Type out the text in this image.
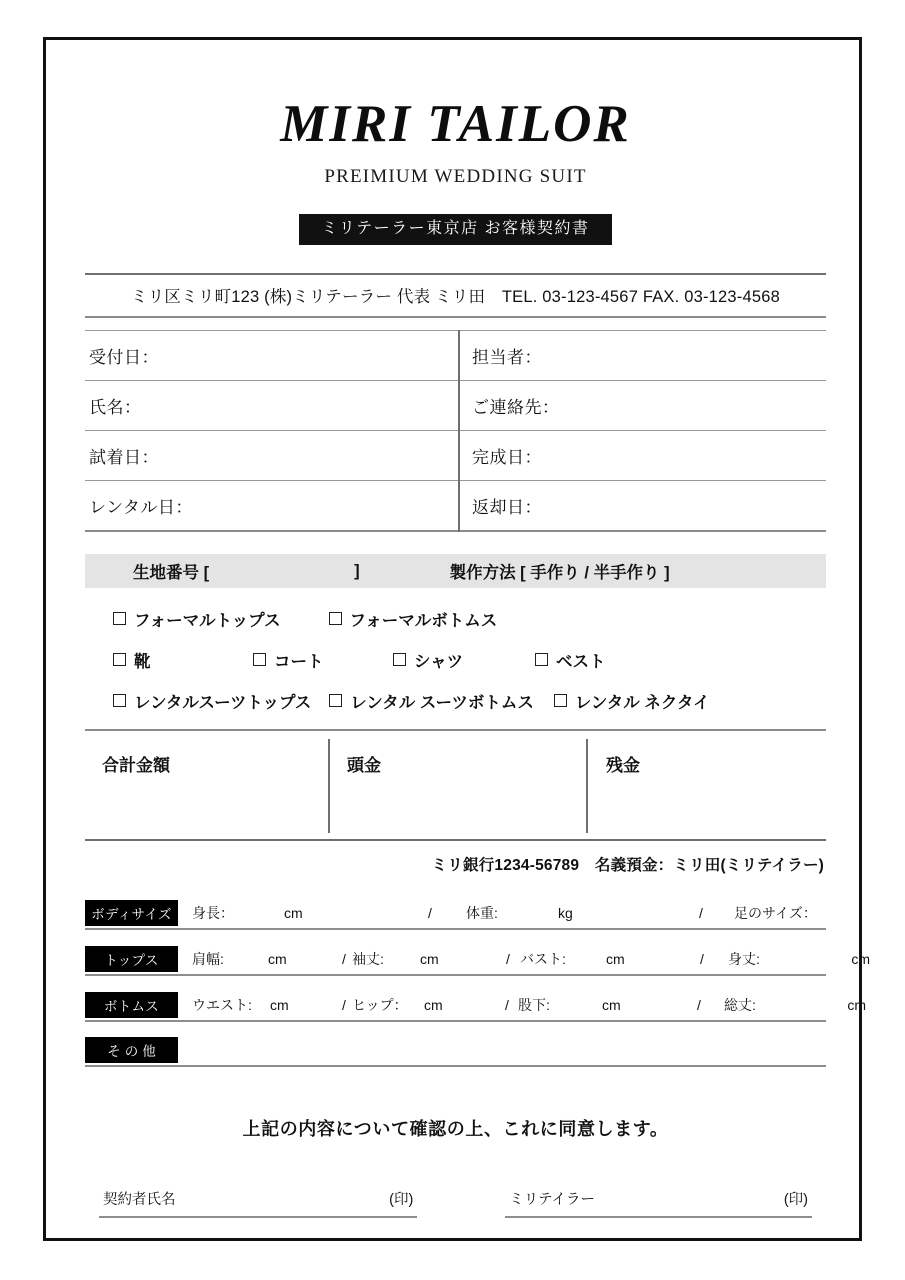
MIRI TAILOR
PREIMIUM WEDDING SUIT
ミリテーラー東京店 お客様契約書
ミリ区ミリ町123 (株)ミリテーラー 代表 ミリ田　TEL. 03-123-4567 FAX. 03-123-4568
受付日：	担当者：
氏名：	ご連絡先：
試着日：	完成日：
レンタル日：	返却日：
生地番号 [	]	製作方法 [ 手作り / 半手作り ]
フォーマルトップス	フォーマルボトムス
靴	コート	シャツ	ベスト
レンタルスーツトップス レンタル スーツボトムス レンタル ネクタイ
合計金額	頭金	残金
ミリ銀行1234-56789　名義預金：ミリ田(ミリテイラー)
ボディサイズ	身長：	cm	/	体重:	kg	/	足のサイズ：
トップス	肩幅:	cm	/ 袖丈:	cm	/ バスト:	cm	/	身丈:	cm
ボトムス	ウエスト:	cm	/ ヒップ：	cm	/ 股下:	cm	/	総丈:	cm
その他
上記の内容について確認の上、これに同意します。
契約者氏名	(印)	ミリテイラー	(印)
